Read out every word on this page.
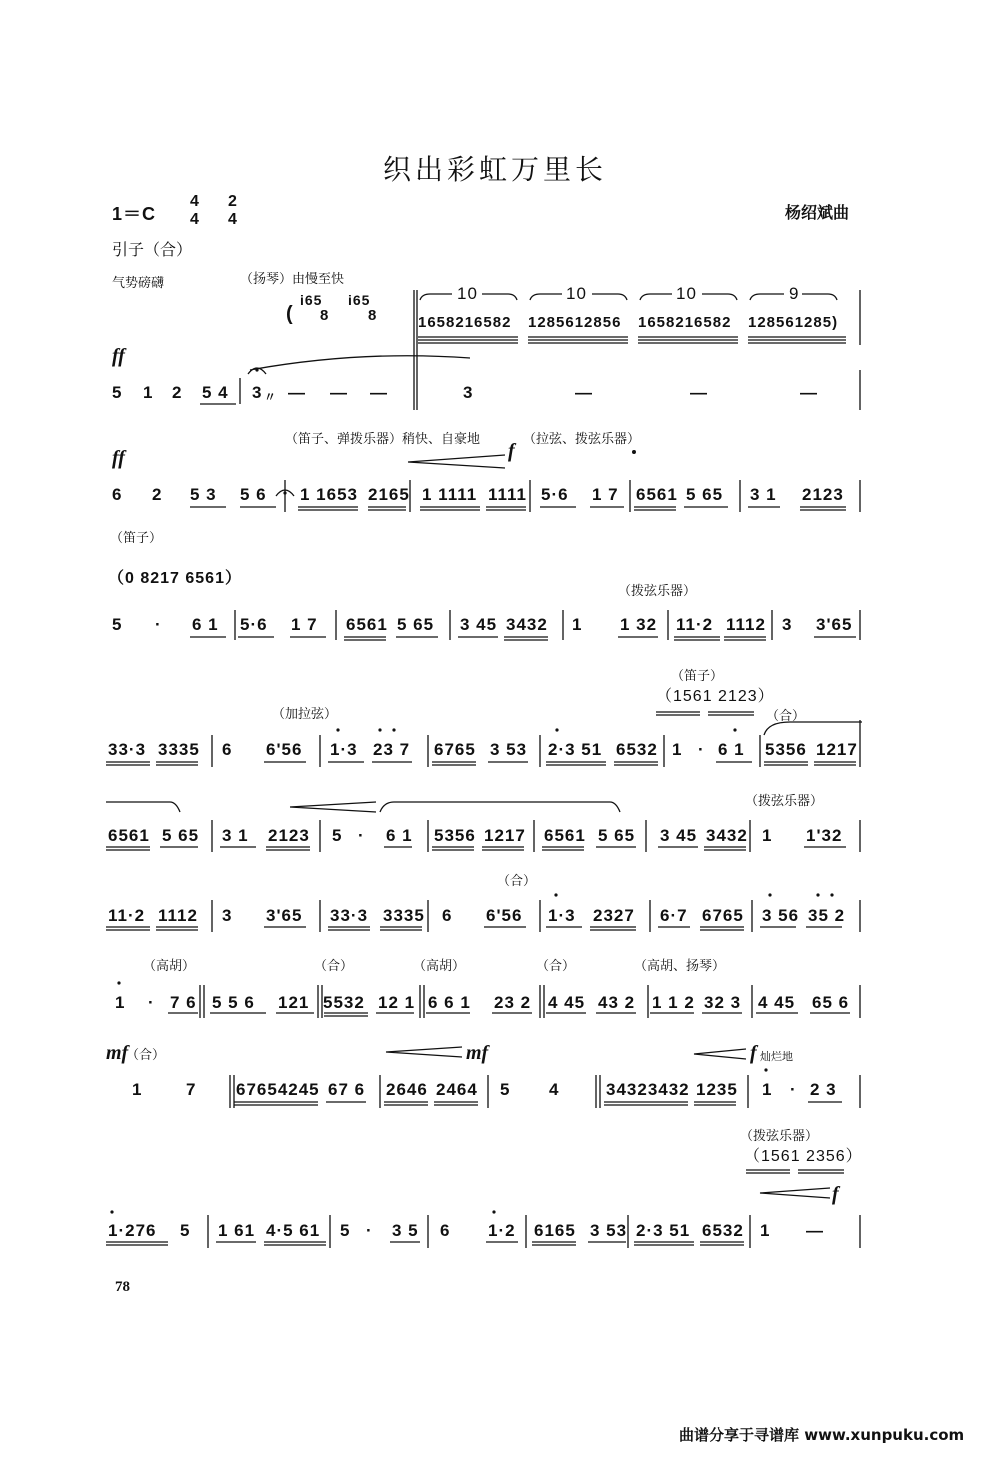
织出彩虹万里长
1＝C
4
4
2
4	杨绍斌曲
引子（合）
气势磅礴	（扬琴）由慢至快
(
i65
8
i65
8
10	10	10	9
1658216582 1285612856 1658216582 128561285)
ff
5 1 2 5 4 3 〃 — — —	3	—	—	—
（笛子、弹拨乐器）稍快、自豪地
f
（拉弦、拨弦乐器）
ff
6 2 5 3 5 6 1 1653 2165 1 1111 1111 5·6 1 7 6561 5 65 3 1 2123
（笛子）
（0 8217 6561）
（拨弦乐器）
5 · 6 1 5·6 1 7 6561 5 65 3 45 3432 1 1 32 11·2 1112 3 3'65
（笛子）
（1561 2123）
（加拉弦）	（合）
33·3 3335 6 6'56 1·3 23 7 6765 3 53 2·3 51 6532 1 · 6 1 5356 1217
（拨弦乐器）
6561 5 65 3 1 2123 5 · 6 1 5356 1217 6561 5 65 3 45 3432 1 1'32
（合）
11·2 1112 3 3'65 33·3 3335 6 6'56 1·3 2327 6·7 6765 3 56 35 2
（高胡）	（合）	（高胡）	（合）	（高胡、扬琴）
1 · 7 6 5 5 6 121 5532 12 1 6 6 1 23 2 4 45 43 2 1 1 2 32 3 4 45 65 6
mf
（合）	mf	f 灿烂地
1	7 67654245 67 6 2646 2464 5 4	34323432 1235 1 · 2 3
（拨弦乐器）
（1561 2356）
f
1·276 5 1 61 4·5 61 5 · 3 5 6 1·2 6165 3 53 2·3 51 6532 1 —
78
曲谱分享于寻谱库 www.xunpuku.com
